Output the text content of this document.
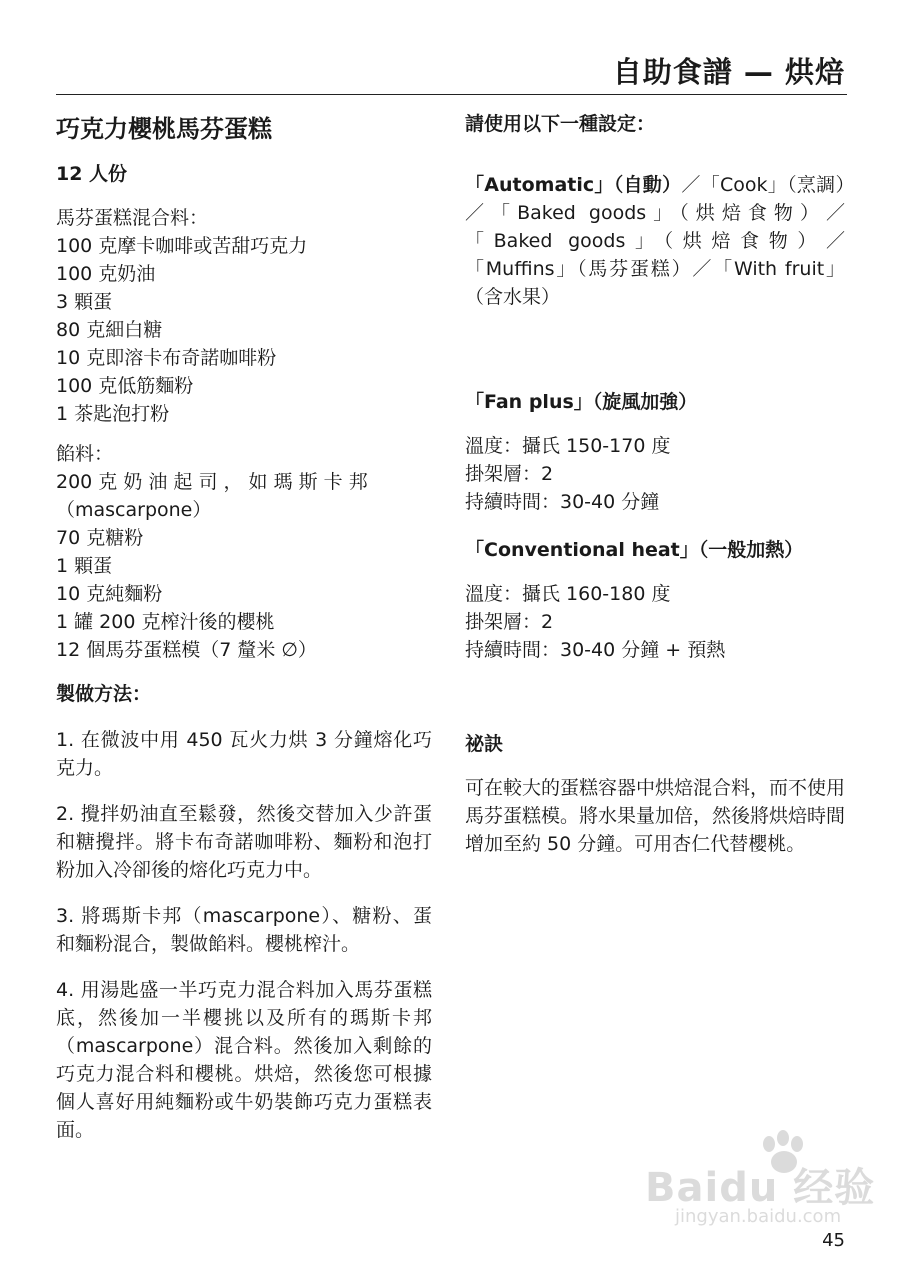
自助食譜 — 烘焙
巧克力櫻桃馬芬蛋糕
12 人份
馬芬蛋糕混合料：
100 克摩卡咖啡或苦甜巧克力
100 克奶油
3 顆蛋
80 克細白糖
10 克即溶卡布奇諾咖啡粉
100 克低筋麵粉
1 茶匙泡打粉
餡料：
200 克 奶 油 起 司 ， 如 瑪 斯 卡 邦
（mascarpone）
70 克糖粉
1 顆蛋
10 克純麵粉
1 罐 200 克榨汁後的櫻桃
12 個馬芬蛋糕模（7 釐米 ∅）
製做方法：
1. 在微波中用 450 瓦火力烘 3 分鐘熔化巧克力。
2. 攪拌奶油直至鬆發，然後交替加入少許蛋和糖攪拌。將卡布奇諾咖啡粉、麵粉和泡打粉加入冷卻後的熔化巧克力中。
3. 將瑪斯卡邦（mascarpone）、糖粉、蛋和麵粉混合，製做餡料。櫻桃榨汁。
4. 用湯匙盛一半巧克力混合料加入馬芬蛋糕底，然後加一半櫻挑以及所有的瑪斯卡邦（mascarpone）混合料。然後加入剩餘的巧克力混合料和櫻桃。烘焙，然後您可根據個人喜好用純麵粉或牛奶裝飾巧克力蛋糕表面。
請使用以下一種設定：
「Automatic」（自動）／「Cook」（烹調）／「Baked goods」（烘焙食物）／「Baked goods」（烘焙食物）／「Muffins」（馬芬蛋糕）／「With fruit」（含水果）
「Fan plus」（旋風加強）
溫度：攝氏 150-170 度
掛架層：2
持續時間：30-40 分鐘
「Conventional heat」（一般加熱）
溫度：攝氏 160-180 度
掛架層：2
持續時間：30-40 分鐘 + 預熱
祕訣
可在較大的蛋糕容器中烘焙混合料，而不使用馬芬蛋糕模。將水果量加倍，然後將烘焙時間增加至約 50 分鐘。可用杏仁代替櫻桃。
Baidu 经验
jingyan.baidu.com
45
